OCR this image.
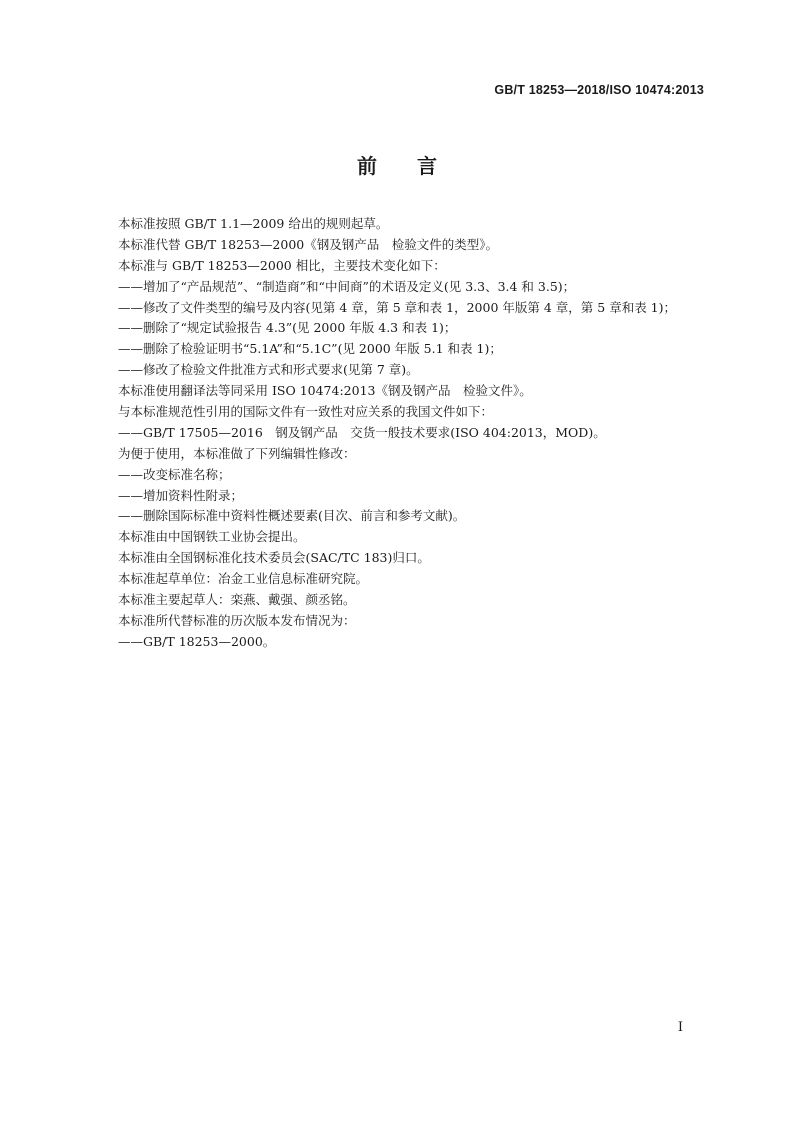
GB/T 18253—2018/ISO 10474:2013
前言
本标准按照 GB/T 1.1—2009 给出的规则起草。
本标准代替 GB/T 18253—2000《钢及钢产品　检验文件的类型》。
本标准与 GB/T 18253—2000 相比，主要技术变化如下：
——增加了“产品规范”、“制造商”和“中间商”的术语及定义(见 3.3、3.4 和 3.5)；
——修改了文件类型的编号及内容(见第 4 章，第 5 章和表 1，2000 年版第 4 章，第 5 章和表 1)；
——删除了“规定试验报告 4.3”(见 2000 年版 4.3 和表 1)；
——删除了检验证明书“5.1A”和“5.1C”(见 2000 年版 5.1 和表 1)；
——修改了检验文件批准方式和形式要求(见第 7 章)。
本标准使用翻译法等同采用 ISO 10474:2013《钢及钢产品　检验文件》。
与本标准规范性引用的国际文件有一致性对应关系的我国文件如下：
——GB/T 17505—2016　钢及钢产品　交货一般技术要求(ISO 404:2013，MOD)。
为便于使用，本标准做了下列编辑性修改：
——改变标准名称；
——增加资料性附录；
——删除国际标准中资料性概述要素(目次、前言和参考文献)。
本标准由中国钢铁工业协会提出。
本标准由全国钢标准化技术委员会(SAC/TC 183)归口。
本标准起草单位：冶金工业信息标准研究院。
本标准主要起草人：栾燕、戴强、颜丞铭。
本标准所代替标准的历次版本发布情况为：
——GB/T 18253—2000。
I
